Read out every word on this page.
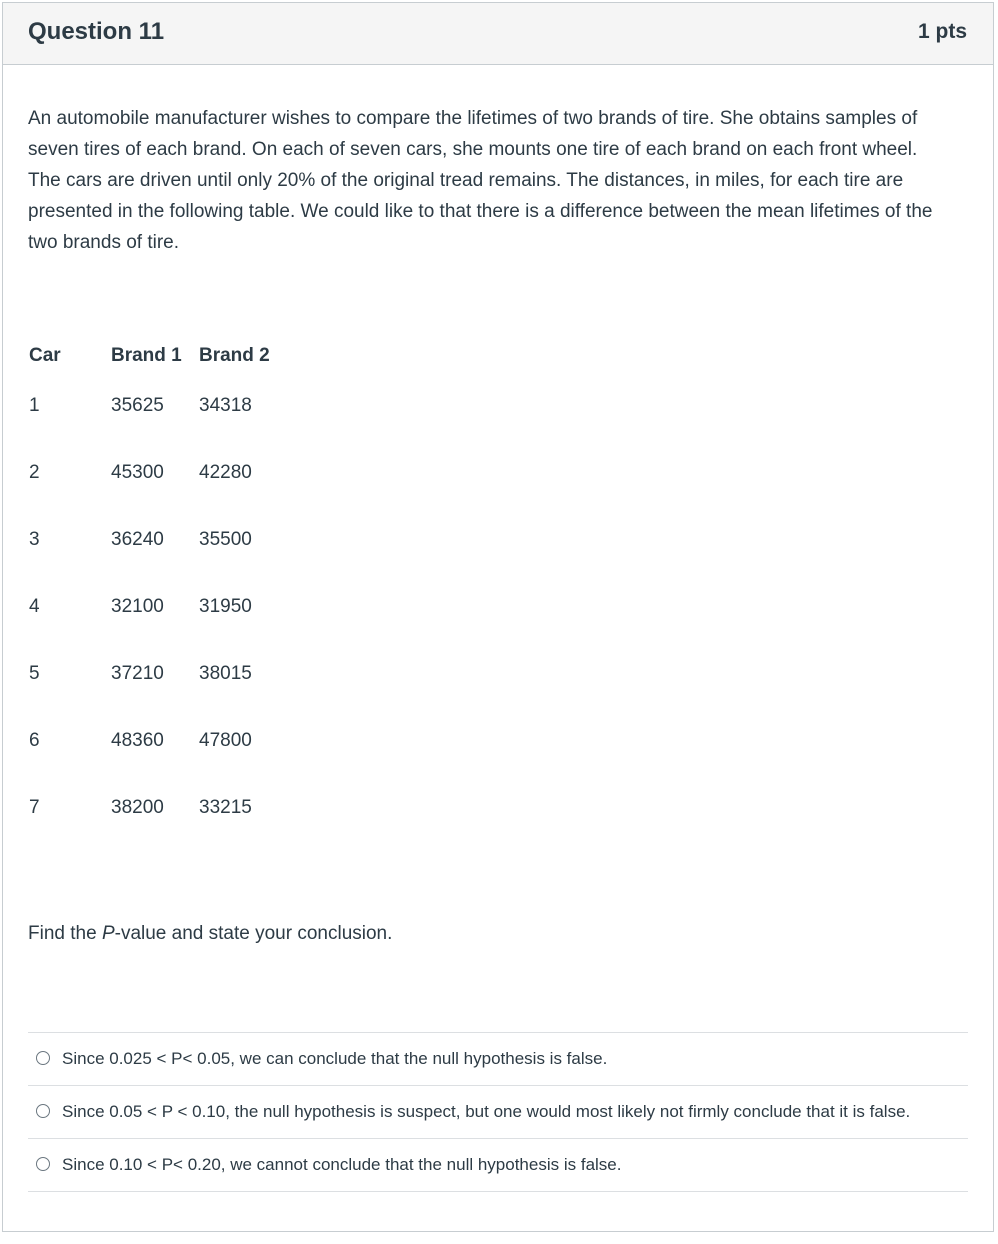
Question 11	1 pts
An automobile manufacturer wishes to compare the lifetimes of two brands of tire. She obtains samples of seven tires of each brand. On each of seven cars, she mounts one tire of each brand on each front wheel. The cars are driven until only 20% of the original tread remains. The distances, in miles, for each tire are presented in the following table. We could like to that there is a difference between the mean lifetimes of the two brands of tire.
Car	Brand 1	Brand 2
1	35625	34318
2	45300	42280
3	36240	35500
4	32100	31950
5	37210	38015
6	48360	47800
7	38200	33215
Find the P-value and state your conclusion.
Since 0.025 < P< 0.05, we can conclude that the null hypothesis is false.
Since 0.05 < P < 0.10, the null hypothesis is suspect, but one would most likely not firmly conclude that it is false.
Since 0.10 < P< 0.20, we cannot conclude that the null hypothesis is false.
